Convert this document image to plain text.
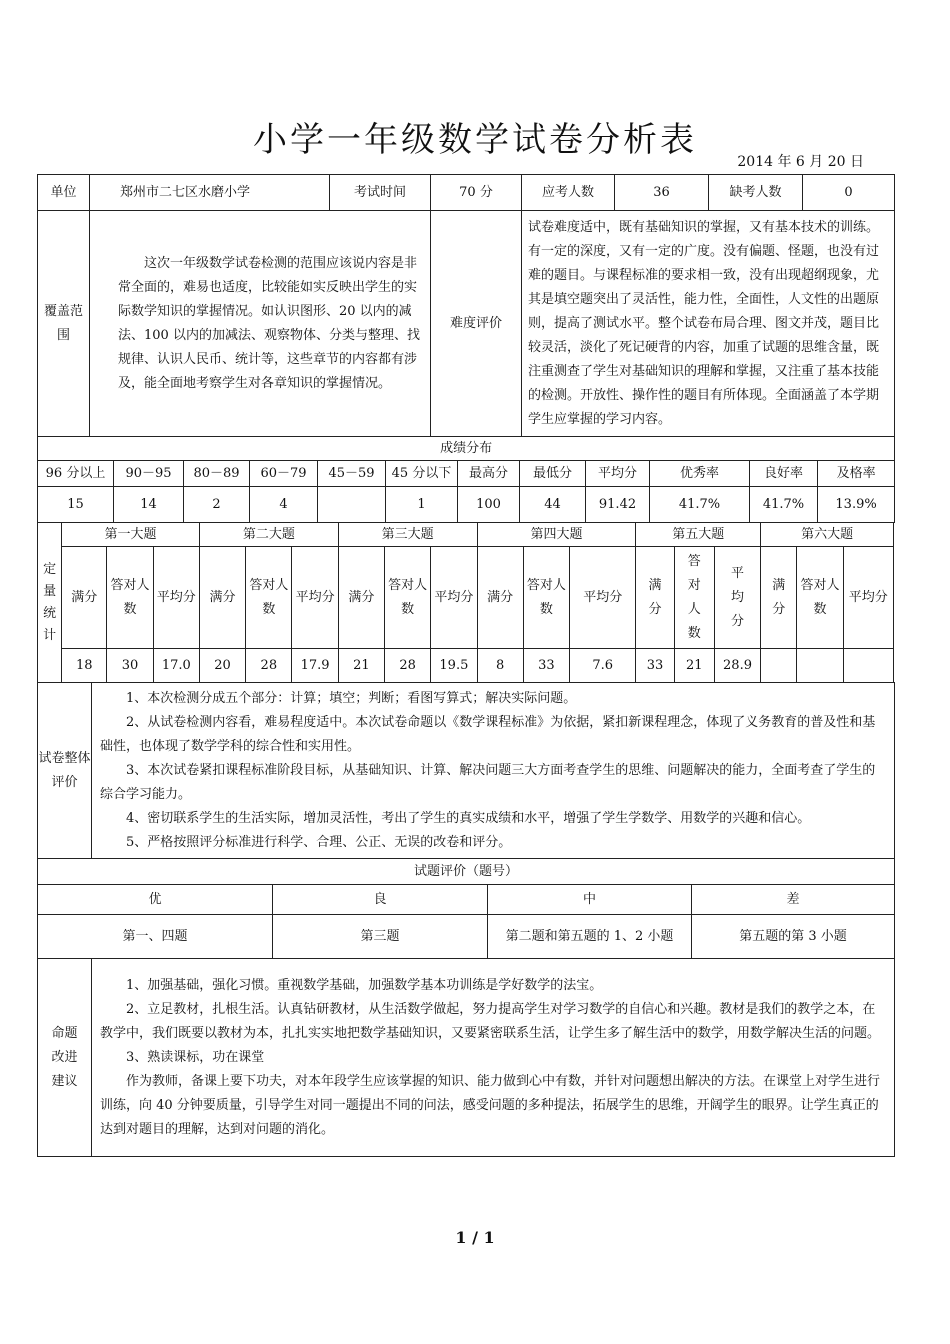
小学一年级数学试卷分析表
2014 年 6 月 20 日
单位	郑州市二七区水磨小学	考试时间	70 分	应考人数	36	缺考人数	0
覆盖范围	这次一年级数学试卷检测的范围应该说内容是非常全面的，难易也适度，比较能如实反映出学生的实际数学知识的掌握情况。如认识图形、20 以内的减法、100 以内的加减法、观察物体、分类与整理、找规律、认识人民币、统计等，这些章节的内容都有涉及，能全面地考察学生对各章知识的掌握情况。		难度评价	试卷难度适中，既有基础知识的掌握，又有基本技术的训练。有一定的深度，又有一定的广度。没有偏题、怪题，也没有过难的题目。与课程标准的要求相一致，没有出现超纲现象，尤其是填空题突出了灵活性，能力性，全面性，人文性的出题原则，提高了测试水平。整个试卷布局合理、图文并茂，题目比较灵活，淡化了死记硬背的内容，加重了试题的思维含量，既注重测查了学生对基础知识的理解和掌握，又注重了基本技能的检测。开放性、操作性的题目有所体现。全面涵盖了本学期学生应掌握的学习内容。			

成绩分布											
96 分以上	90－95	80－89	60－79	45－59	45 分以下	最高分	最低分	平均分	优秀率	良好率	及格率
15	14	2	4		1	100	44	91.42	41.7%	41.7%	13.9%
定量统计	第一大题			第二大题			第三大题			第四大题			第五大题			第六大题		
	满分	答对人数	平均分	满分	答对人数	平均分	满分	答对人数	平均分	满分	答对人数	平均分	满分	答对人数	平均分	满分	答对人数	平均分
	18	30	17.0	20	28	17.9	21	28	19.5	8	33	7.6	33	21	28.9			
试卷整体评价	1、本次检测分成五个部分：计算；填空；判断；看图写算式；解决实际问题。

2、从试卷检测内容看，难易程度适中。本次试卷命题以《数学课程标准》为依据，紧扣新课程理念，体现了义务教育的普及性和基础性，也体现了数学学科的综合性和实用性。

3、本次试卷紧扣课程标准阶段目标，从基础知识、计算、解决问题三大方面考查学生的思维、问题解决的能力，全面考查了学生的综合学习能力。

4、密切联系学生的生活实际，增加灵活性，考出了学生的真实成绩和水平，增强了学生学数学、用数学的兴趣和信心。

5、严格按照评分标准进行科学、合理、公正、无误的改卷和评分。			

试题评价（题号）				
优		良	中	差
第一、四题		第三题	第二题和第五题的 1、2 小题	第五题的第 3 小题
命题改进建议	1、加强基础，强化习惯。重视数学基础，加强数学基本功训练是学好数学的法宝。

2、立足教材，扎根生活。认真钻研教材，从生活数学做起，努力提高学生对学习数学的自信心和兴趣。教材是我们的教学之本，在教学中，我们既要以教材为本，扎扎实实地把数学基础知识，又要紧密联系生活，让学生多了解生活中的数学，用数学解决生活的问题。

3、熟读课标，功在课堂

作为教师，备课上要下功夫，对本年段学生应该掌握的知识、能力做到心中有数，并针对问题想出解决的方法。在课堂上对学生进行训练，向 40 分钟要质量，引导学生对同一题提出不同的问法，感受问题的多种提法，拓展学生的思维，开阔学生的眼界。让学生真正的达到对题目的理解，达到对问题的消化。			

1 / 1
